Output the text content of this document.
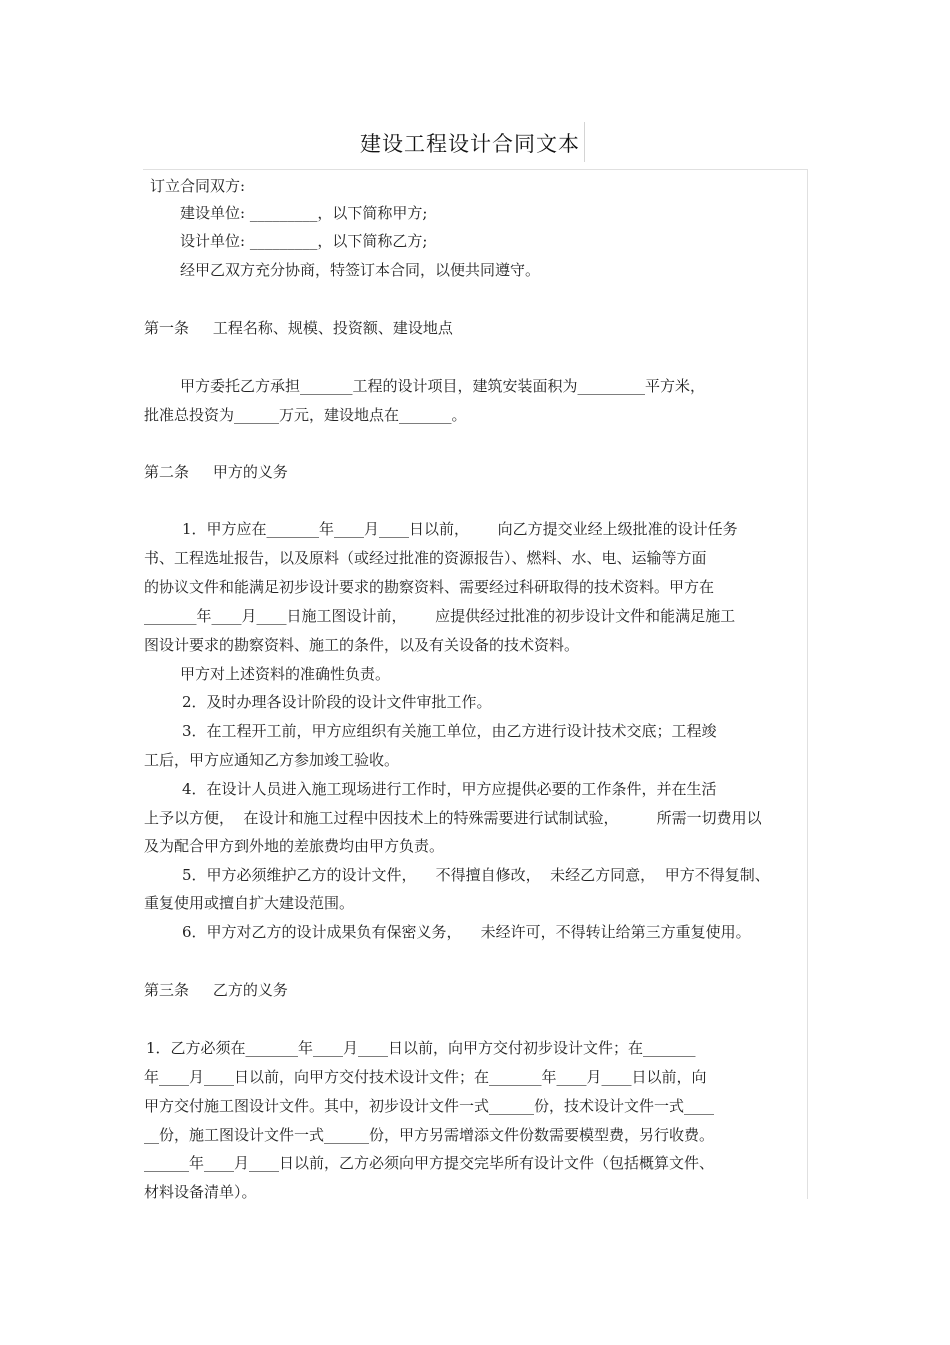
建设工程设计合同文本
订立合同双方:
建设单位: _________，以下简称甲方;
设计单位: _________，以下简称乙方;
经甲乙双方充分协商，特签订本合同，以便共同遵守。
第一条     工程名称、规模、投资额、建设地点
甲方委托乙方承担_______工程的设计项目，建筑安装面积为_________平方米，
批准总投资为______万元，建设地点在_______。
第二条     甲方的义务
1．甲方应在_______年____月____日以前，      向乙方提交业经上级批准的设计任务
书、工程选址报告，以及原料（或经过批准的资源报告）、燃料、水、电、运输等方面
的协议文件和能满足初步设计要求的勘察资料、需要经过科研取得的技术资料。甲方在
_______年____月____日施工图设计前，      应提供经过批准的初步设计文件和能满足施工
图设计要求的勘察资料、施工的条件，以及有关设备的技术资料。
甲方对上述资料的准确性负责。
2．及时办理各设计阶段的设计文件审批工作。
3．在工程开工前，甲方应组织有关施工单位，由乙方进行设计技术交底；工程竣
工后，甲方应通知乙方参加竣工验收。
4．在设计人员进入施工现场进行工作时，甲方应提供必要的工作条件，并在生活
上予以方便，  在设计和施工过程中因技术上的特殊需要进行试制试验，        所需一切费用以
及为配合甲方到外地的差旅费均由甲方负责。
5．甲方必须维护乙方的设计文件，    不得擅自修改，  未经乙方同意，  甲方不得复制、
重复使用或擅自扩大建设范围。
6．甲方对乙方的设计成果负有保密义务，    未经许可，不得转让给第三方重复使用。
第三条     乙方的义务
1．乙方必须在_______年____月____日以前，向甲方交付初步设计文件；在_______
年____月____日以前，向甲方交付技术设计文件；在_______年____月____日以前，向
甲方交付施工图设计文件。其中，初步设计文件一式______份，技术设计文件一式____
__份，施工图设计文件一式______份，甲方另需增添文件份数需要模型费，另行收费。
______年____月____日以前，乙方必须向甲方提交完毕所有设计文件（包括概算文件、
材料设备清单）。
